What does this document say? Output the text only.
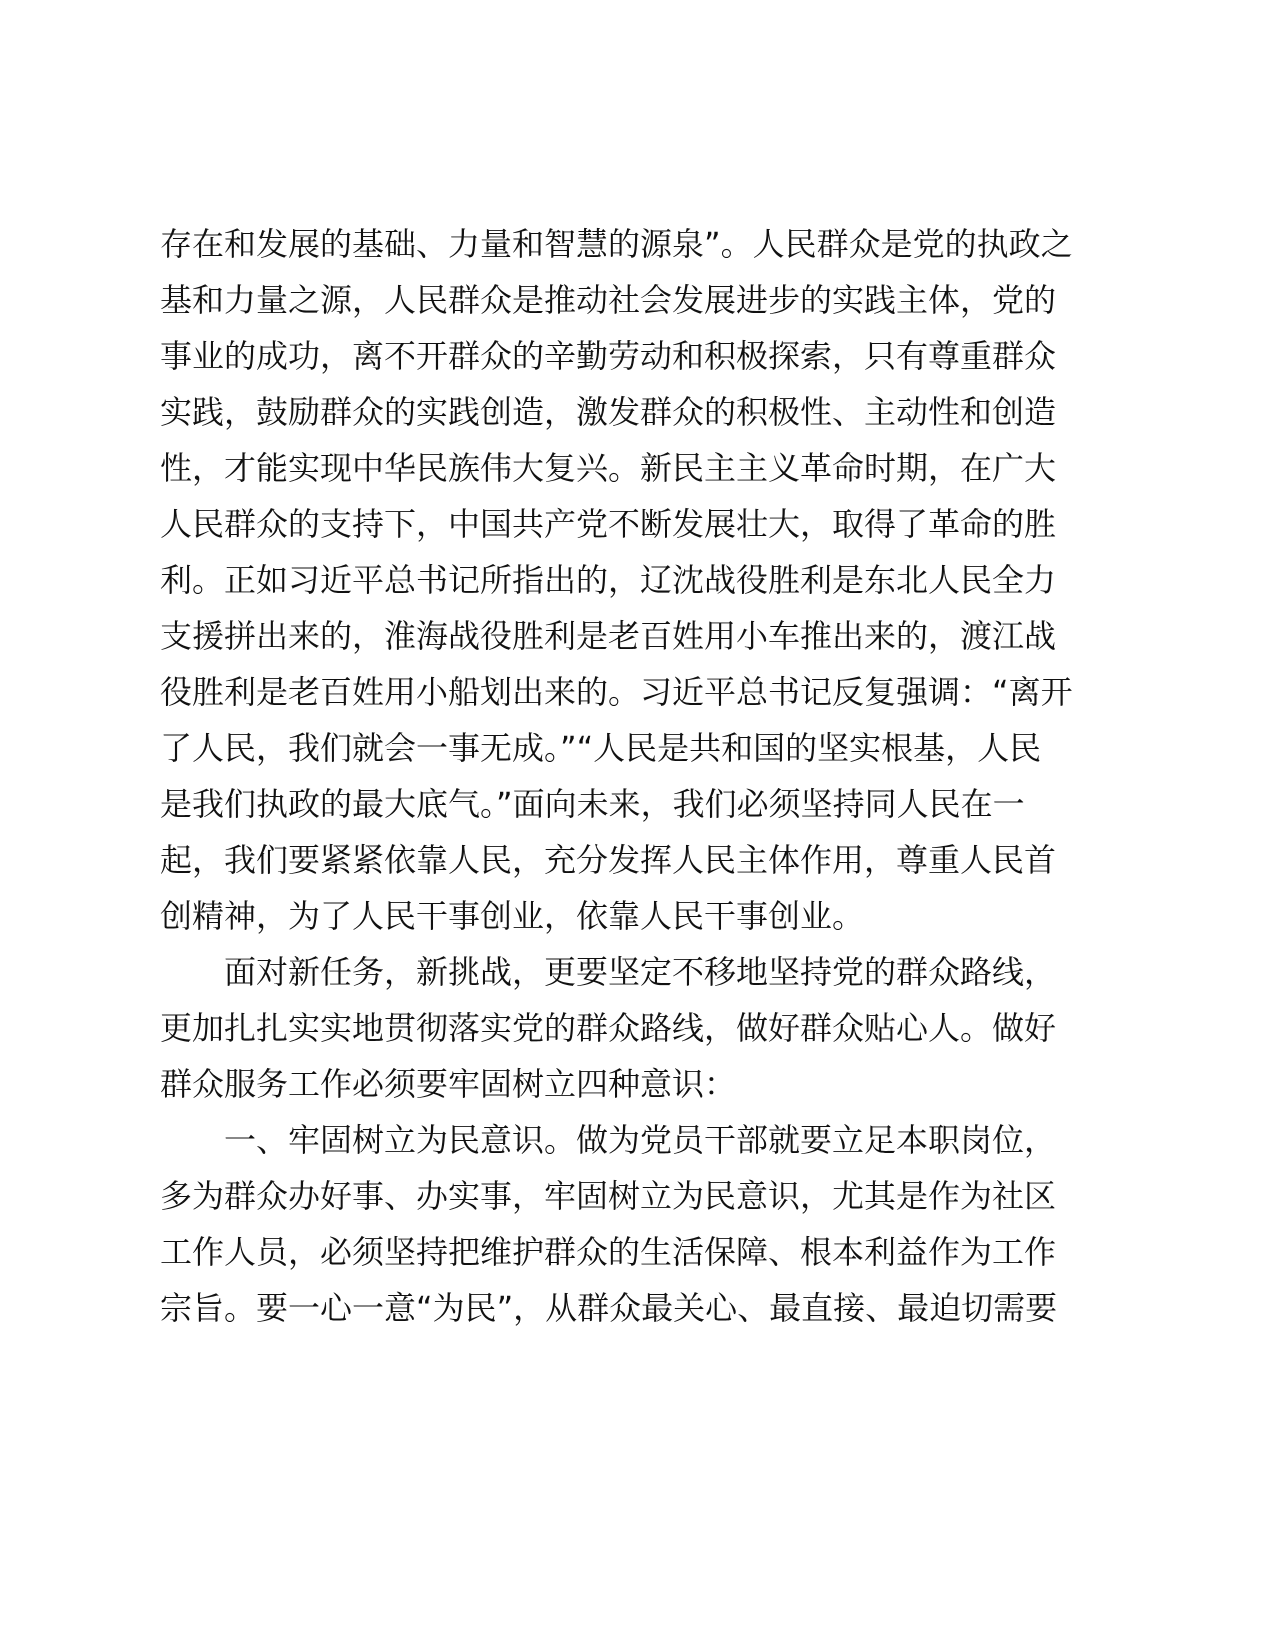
存在和发展的基础、力量和智慧的源泉”。人民群众是党的执政之
基和力量之源，人民群众是推动社会发展进步的实践主体，党的
事业的成功，离不开群众的辛勤劳动和积极探索，只有尊重群众
实践，鼓励群众的实践创造，激发群众的积极性、主动性和创造
性，才能实现中华民族伟大复兴。新民主主义革命时期，在广大
人民群众的支持下，中国共产党不断发展壮大，取得了革命的胜
利。正如习近平总书记所指出的，辽沈战役胜利是东北人民全力
支援拼出来的，淮海战役胜利是老百姓用小车推出来的，渡江战
役胜利是老百姓用小船划出来的。习近平总书记反复强调：“离开
了人民，我们就会一事无成。”“人民是共和国的坚实根基，人民
是我们执政的最大底气。”面向未来，我们必须坚持同人民在一
起，我们要紧紧依靠人民，充分发挥人民主体作用，尊重人民首
创精神，为了人民干事创业，依靠人民干事创业。
面对新任务，新挑战，更要坚定不移地坚持党的群众路线，
更加扎扎实实地贯彻落实党的群众路线，做好群众贴心人。做好
群众服务工作必须要牢固树立四种意识：
一、牢固树立为民意识。做为党员干部就要立足本职岗位，
多为群众办好事、办实事，牢固树立为民意识，尤其是作为社区
工作人员，必须坚持把维护群众的生活保障、根本利益作为工作
宗旨。要一心一意“为民”，从群众最关心、最直接、最迫切需要
